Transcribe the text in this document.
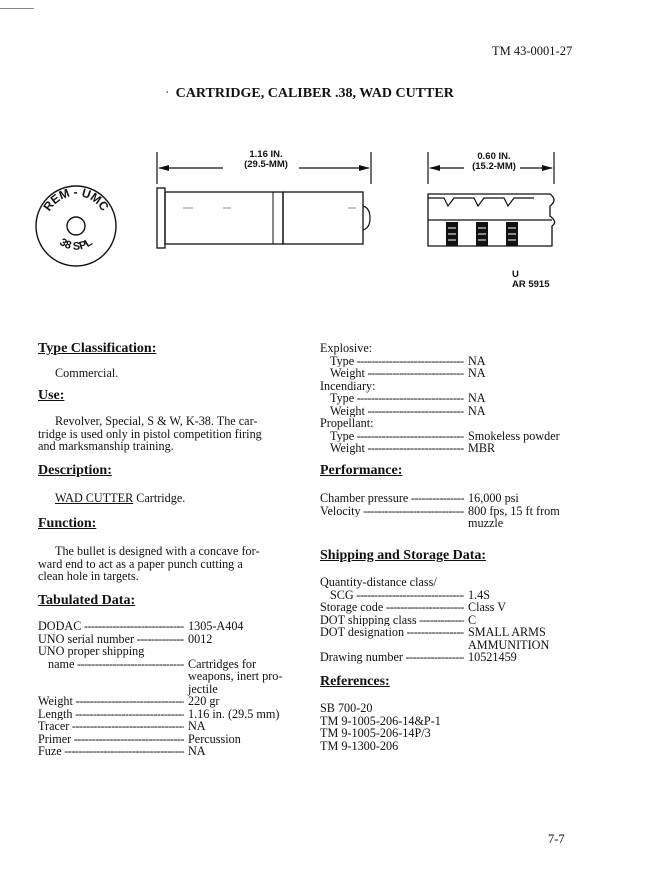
TM 43-0001-27
· CARTRIDGE, CALIBER .38, WAD CUTTER
REM - UMC
38 SPL
1.16 IN.
(29.5-MM)
0.60 IN.
(15.2-MM)
U
AR 5915
Type Classification:
Commercial.
Use:
Revolver, Special, S & W, K-38. The car-
tridge is used only in pistol competition firing
and marksmanship training.
Description:
WAD CUTTER Cartridge.
Function:
The bullet is designed with a concave for-
ward end to act as a paper punch cutting a
clean hole in targets.
Tabulated Data:
DODAC -----	1305-A404
UNO serial number -----	0012
UNO proper shipping
name -----	Cartridges for
weapons, inert pro-
jectile
Weight -----	220 gr
Length -----	1.16 in. (29.5 mm)
Tracer -----	NA
Primer -----	Percussion
Fuze -----	NA
Explosive:
Type -----	NA
Weight -----	NA
Incendiary:
Type -----	NA
Weight -----	NA
Propellant:
Type -----	Smokeless powder
Weight -----	MBR
Performance:
Chamber pressure -----	16,000 psi
Velocity -----	800 fps, 15 ft from
muzzle
Shipping and Storage Data:
Quantity-distance class/
SCG -----	1.4S
Storage code -----	Class V
DOT shipping class -----	C
DOT designation -----	SMALL ARMS
AMMUNITION
Drawing number -----	10521459
References:
SB 700-20
TM 9-1005-206-14&P-1
TM 9-1005-206-14P/3
TM 9-1300-206
7-7
